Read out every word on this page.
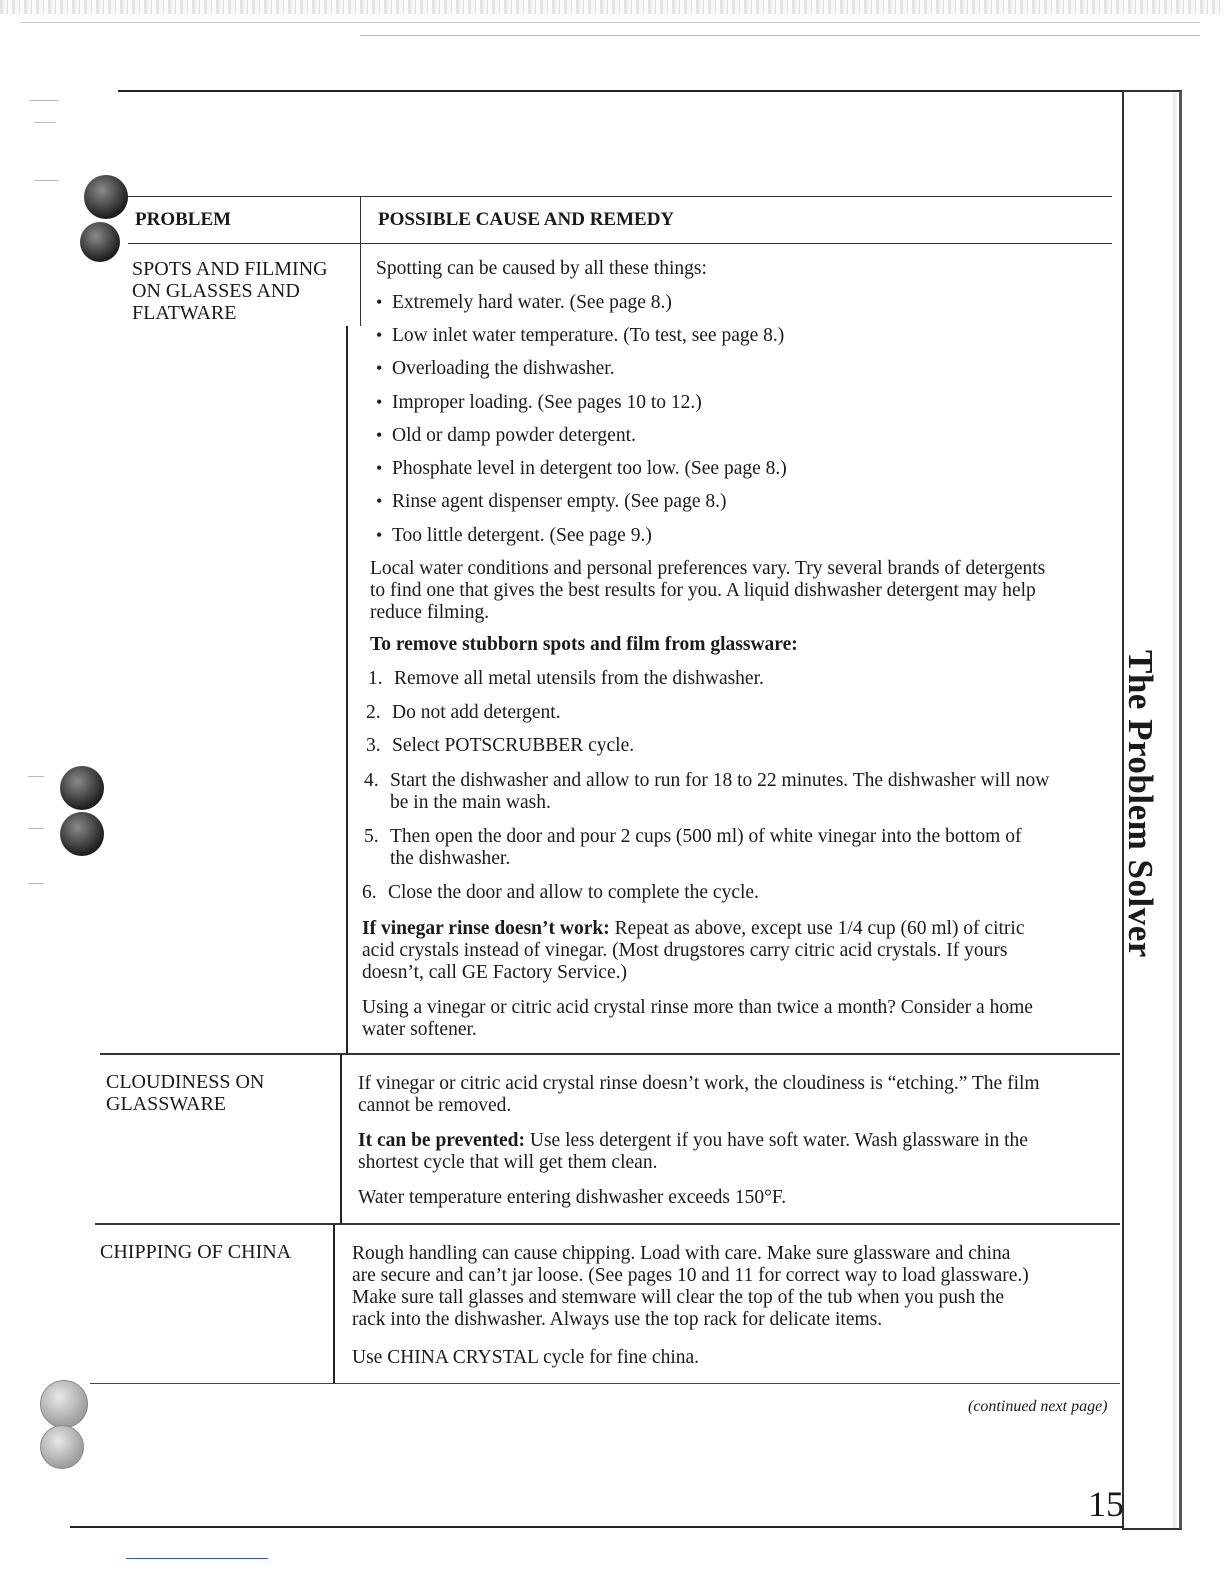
The Problem Solver
PROBLEM	POSSIBLE CAUSE AND REMEDY
SPOTS AND FILMING
ON GLASSES AND
FLATWARE
Spotting can be caused by all these things:
• Extremely hard water. (See page 8.)
• Low inlet water temperature. (To test, see page 8.)
• Overloading the dishwasher.
• Improper loading. (See pages 10 to 12.)
• Old or damp powder detergent.
• Phosphate level in detergent too low. (See page 8.)
• Rinse agent dispenser empty. (See page 8.)
• Too little detergent. (See page 9.)
Local water conditions and personal preferences vary. Try several brands of detergents
to find one that gives the best results for you. A liquid dishwasher detergent may help
reduce filming.
To remove stubborn spots and film from glassware:
1. Remove all metal utensils from the dishwasher.
2. Do not add detergent.
3. Select POTSCRUBBER cycle.
4. Start the dishwasher and allow to run for 18 to 22 minutes. The dishwasher will now
be in the main wash.
5. Then open the door and pour 2 cups (500 ml) of white vinegar into the bottom of
the dishwasher.
6. Close the door and allow to complete the cycle.
If vinegar rinse doesn’t work: Repeat as above, except use 1/4 cup (60 ml) of citric
acid crystals instead of vinegar. (Most drugstores carry citric acid crystals. If yours
doesn’t, call GE Factory Service.)
Using a vinegar or citric acid crystal rinse more than twice a month? Consider a home
water softener.
CLOUDINESS ON
GLASSWARE
If vinegar or citric acid crystal rinse doesn’t work, the cloudiness is “etching.” The film
cannot be removed.
It can be prevented: Use less detergent if you have soft water. Wash glassware in the
shortest cycle that will get them clean.
Water temperature entering dishwasher exceeds 150°F.
CHIPPING OF CHINA	Rough handling can cause chipping. Load with care. Make sure glassware and china
are secure and can’t jar loose. (See pages 10 and 11 for correct way to load glassware.)
Make sure tall glasses and stemware will clear the top of the tub when you push the
rack into the dishwasher. Always use the top rack for delicate items.
Use CHINA CRYSTAL cycle for fine china.
(continued next page)
15
